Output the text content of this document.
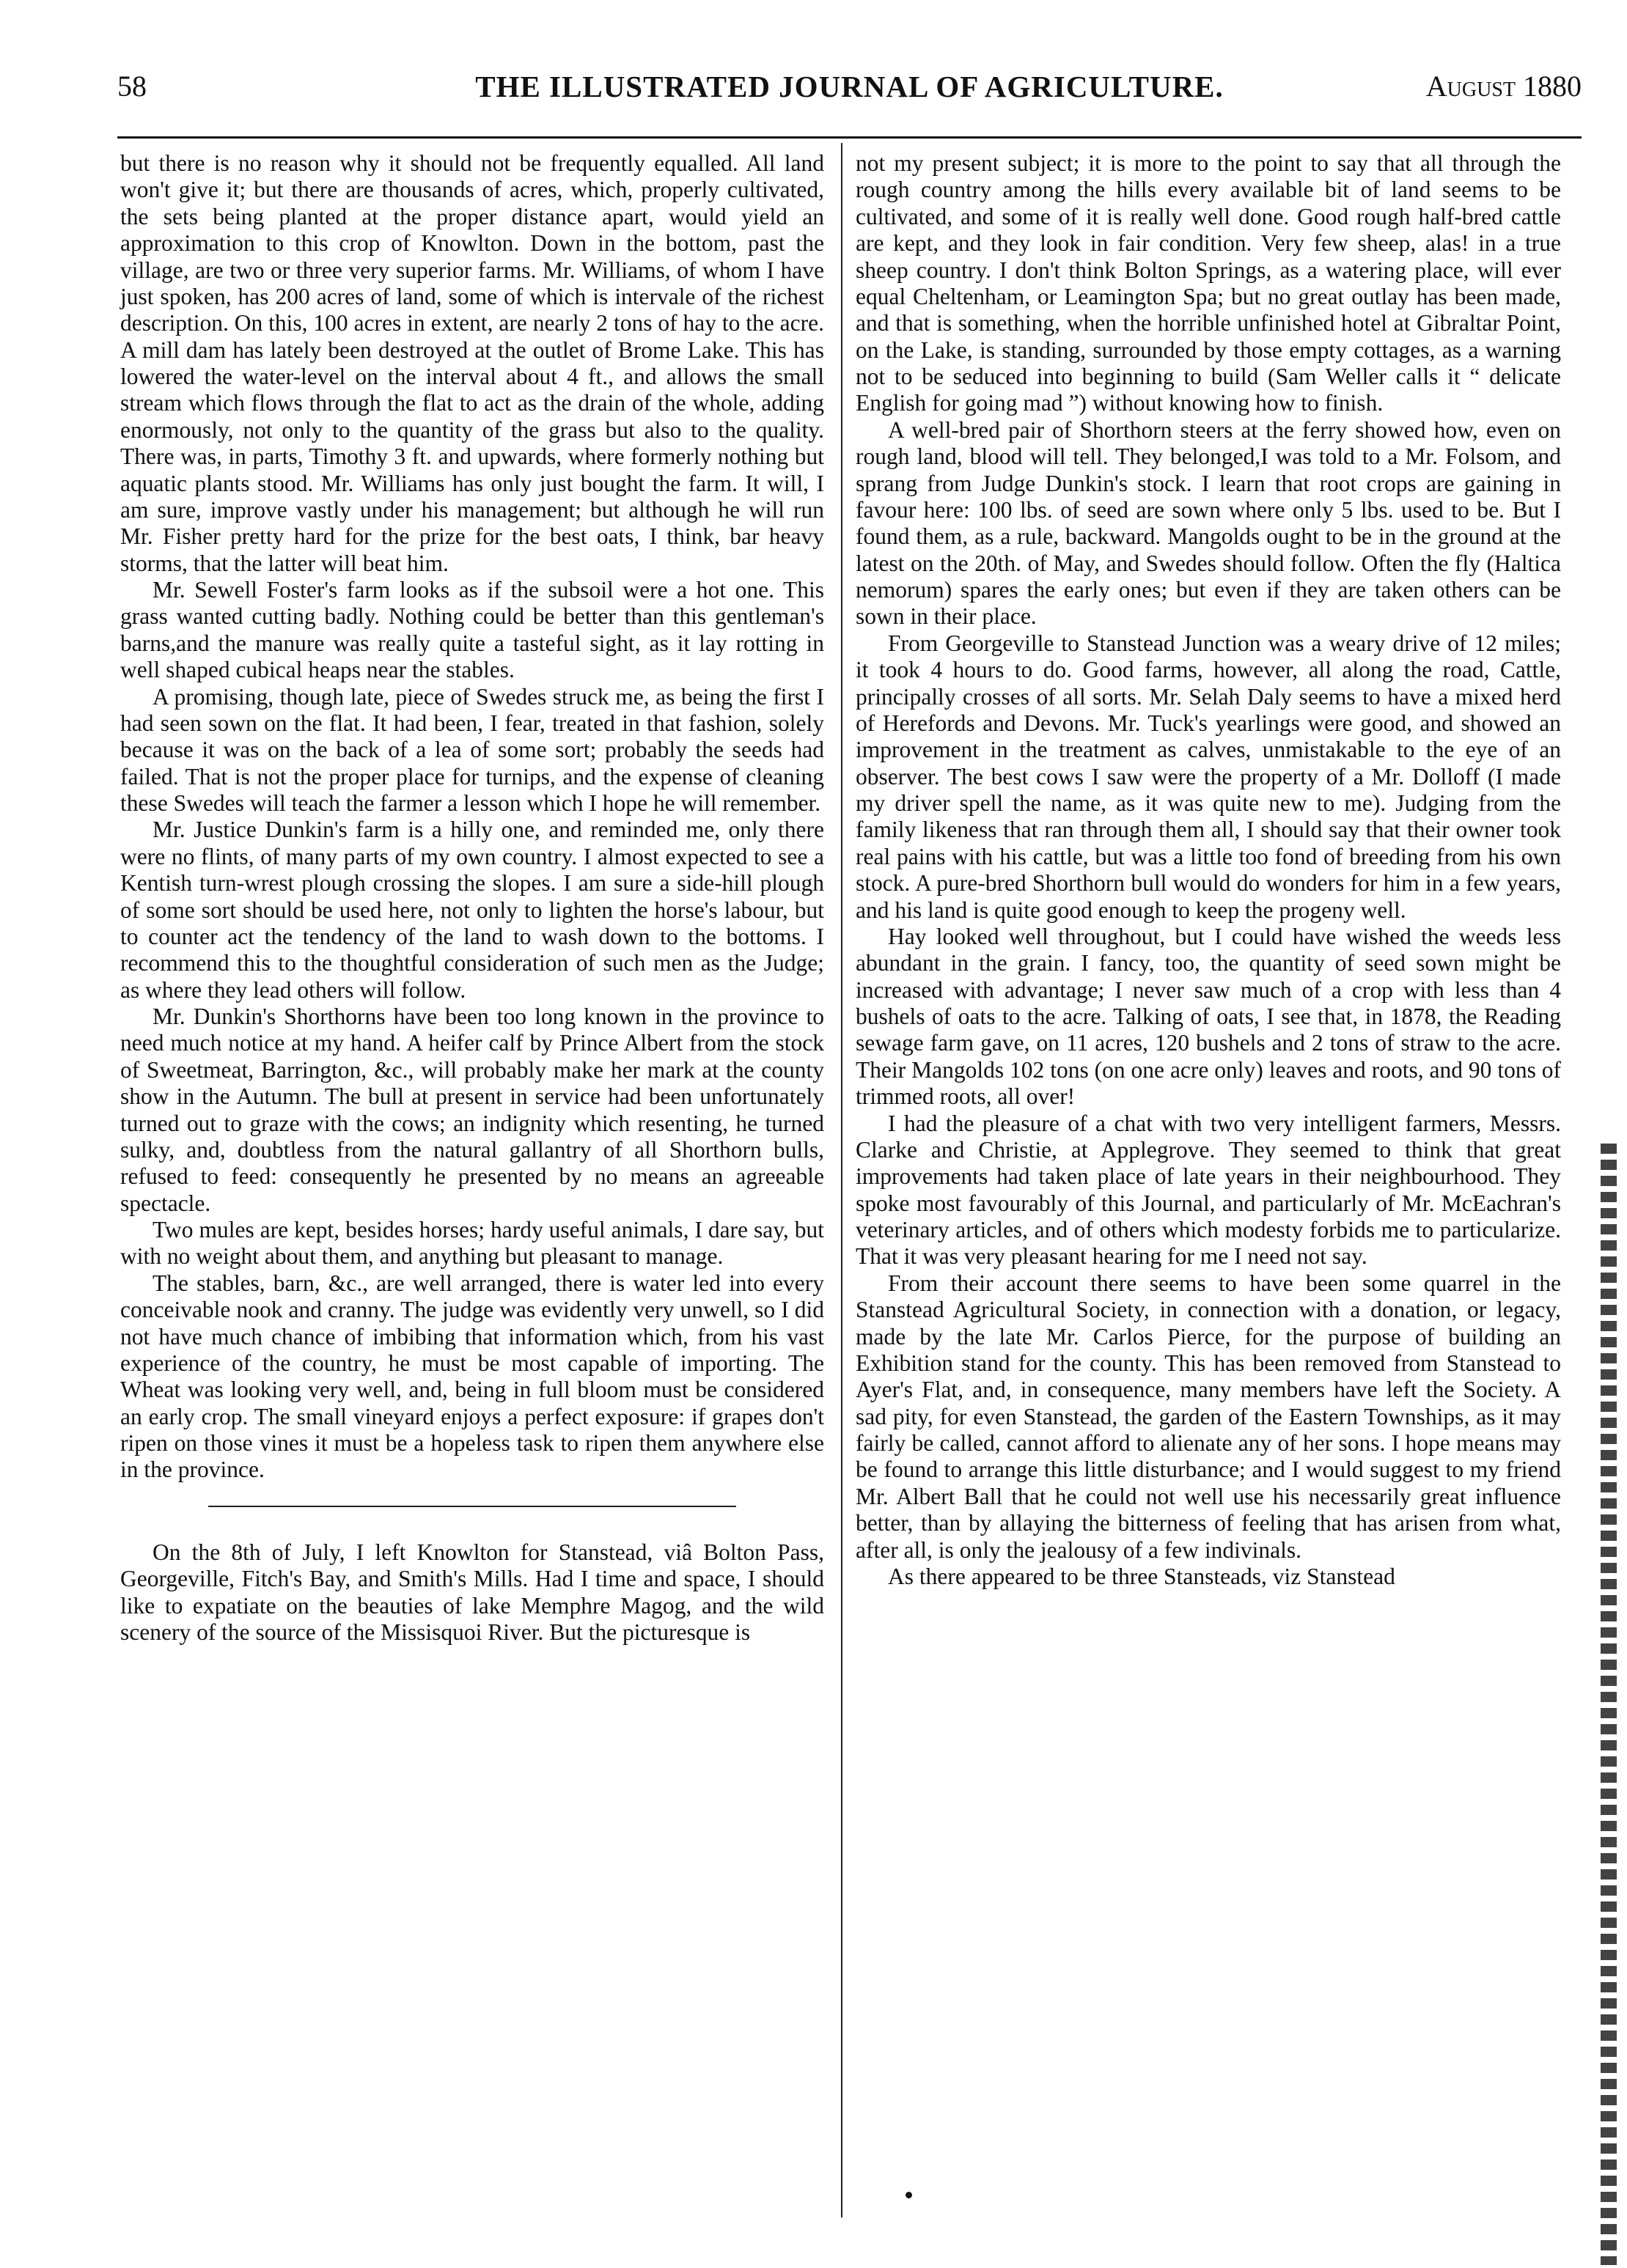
58	THE ILLUSTRATED JOURNAL OF AGRICULTURE.	August 1880

but there is no reason why it should not be frequently equalled. All land won't give it; but there are thousands of acres, which, properly cultivated, the sets being planted at the proper distance apart, would yield an approximation to this crop of Knowlton. Down in the bottom, past the village, are two or three very superior farms. Mr. Williams, of whom I have just spoken, has 200 acres of land, some of which is intervale of the richest description. On this, 100 acres in extent, are nearly 2 tons of hay to the acre. A mill dam has lately been destroyed at the outlet of Brome Lake. This has lowered the water-level on the interval about 4 ft., and allows the small stream which flows through the flat to act as the drain of the whole, adding enormously, not only to the quantity of the grass but also to the quality. There was, in parts, Timothy 3 ft. and upwards, where formerly nothing but aquatic plants stood. Mr. Williams has only just bought the farm. It will, I am sure, improve vastly under his management; but although he will run Mr. Fisher pretty hard for the prize for the best oats, I think, bar heavy storms, that the latter will beat him.

Mr. Sewell Foster's farm looks as if the subsoil were a hot one. This grass wanted cutting badly. Nothing could be better than this gentleman's barns,and the manure was really quite a tasteful sight, as it lay rotting in well shaped cubical heaps near the stables.

A promising, though late, piece of Swedes struck me, as being the first I had seen sown on the flat. It had been, I fear, treated in that fashion, solely because it was on the back of a lea of some sort; probably the seeds had failed. That is not the proper place for turnips, and the expense of cleaning these Swedes will teach the farmer a lesson which I hope he will remember.

Mr. Justice Dunkin's farm is a hilly one, and reminded me, only there were no flints, of many parts of my own country. I almost expected to see a Kentish turn-wrest plough crossing the slopes. I am sure a side-hill plough of some sort should be used here, not only to lighten the horse's labour, but to counter act the tendency of the land to wash down to the bottoms. I recommend this to the thoughtful consideration of such men as the Judge; as where they lead others will follow.

Mr. Dunkin's Shorthorns have been too long known in the province to need much notice at my hand. A heifer calf by Prince Albert from the stock of Sweetmeat, Barrington, &c., will probably make her mark at the county show in the Autumn. The bull at present in service had been unfortunately turned out to graze with the cows; an indignity which resenting, he turned sulky, and, doubtless from the natural gallantry of all Shorthorn bulls, refused to feed: consequently he presented by no means an agreeable spectacle.

Two mules are kept, besides horses; hardy useful animals, I dare say, but with no weight about them, and anything but pleasant to manage.

The stables, barn, &c., are well arranged, there is water led into every conceivable nook and cranny. The judge was evidently very unwell, so I did not have much chance of imbibing that information which, from his vast experience of the country, he must be most capable of importing. The Wheat was looking very well, and, being in full bloom must be considered an early crop. The small vineyard enjoys a perfect exposure: if grapes don't ripen on those vines it must be a hopeless task to ripen them anywhere else in the province.

On the 8th of July, I left Knowlton for Stanstead, viâ Bolton Pass, Georgeville, Fitch's Bay, and Smith's Mills. Had I time and space, I should like to expatiate on the beauties of lake Memphre Magog, and the wild scenery of the source of the Missisquoi River. But the picturesque is

not my present subject; it is more to the point to say that all through the rough country among the hills every available bit of land seems to be cultivated, and some of it is really well done. Good rough half-bred cattle are kept, and they look in fair condition. Very few sheep, alas! in a true sheep country. I don't think Bolton Springs, as a watering place, will ever equal Cheltenham, or Leamington Spa; but no great outlay has been made, and that is something, when the horrible unfinished hotel at Gibraltar Point, on the Lake, is standing, surrounded by those empty cottages, as a warning not to be seduced into beginning to build (Sam Weller calls it “ delicate English for going mad ”) without knowing how to finish.

A well-bred pair of Shorthorn steers at the ferry showed how, even on rough land, blood will tell. They belonged,I was told to a Mr. Folsom, and sprang from Judge Dunkin's stock. I learn that root crops are gaining in favour here: 100 lbs. of seed are sown where only 5 lbs. used to be. But I found them, as a rule, backward. Mangolds ought to be in the ground at the latest on the 20th. of May, and Swedes should follow. Often the fly (Haltica nemorum) spares the early ones; but even if they are taken others can be sown in their place.

From Georgeville to Stanstead Junction was a weary drive of 12 miles; it took 4 hours to do. Good farms, however, all along the road, Cattle, principally crosses of all sorts. Mr. Selah Daly seems to have a mixed herd of Herefords and Devons. Mr. Tuck's yearlings were good, and showed an improvement in the treatment as calves, unmistakable to the eye of an observer. The best cows I saw were the property of a Mr. Dolloff (I made my driver spell the name, as it was quite new to me). Judging from the family likeness that ran through them all, I should say that their owner took real pains with his cattle, but was a little too fond of breeding from his own stock. A pure-bred Shorthorn bull would do wonders for him in a few years, and his land is quite good enough to keep the progeny well.

Hay looked well throughout, but I could have wished the weeds less abundant in the grain. I fancy, too, the quantity of seed sown might be increased with advantage; I never saw much of a crop with less than 4 bushels of oats to the acre. Talking of oats, I see that, in 1878, the Reading sewage farm gave, on 11 acres, 120 bushels and 2 tons of straw to the acre. Their Mangolds 102 tons (on one acre only) leaves and roots, and 90 tons of trimmed roots, all over!

I had the pleasure of a chat with two very intelligent farmers, Messrs. Clarke and Christie, at Applegrove. They seemed to think that great improvements had taken place of late years in their neighbourhood. They spoke most favourably of this Journal, and particularly of Mr. McEachran's veterinary articles, and of others which modesty forbids me to particularize. That it was very pleasant hearing for me I need not say.

From their account there seems to have been some quarrel in the Stanstead Agricultural Society, in connection with a donation, or legacy, made by the late Mr. Carlos Pierce, for the purpose of building an Exhibition stand for the county. This has been removed from Stanstead to Ayer's Flat, and, in consequence, many members have left the Society. A sad pity, for even Stanstead, the garden of the Eastern Townships, as it may fairly be called, cannot afford to alienate any of her sons. I hope means may be found to arrange this little disturbance; and I would suggest to my friend Mr. Albert Ball that he could not well use his necessarily great influence better, than by allaying the bitterness of feeling that has arisen from what, after all, is only the jealousy of a few indivinals.

As there appeared to be three Stansteads, viz Stanstead
